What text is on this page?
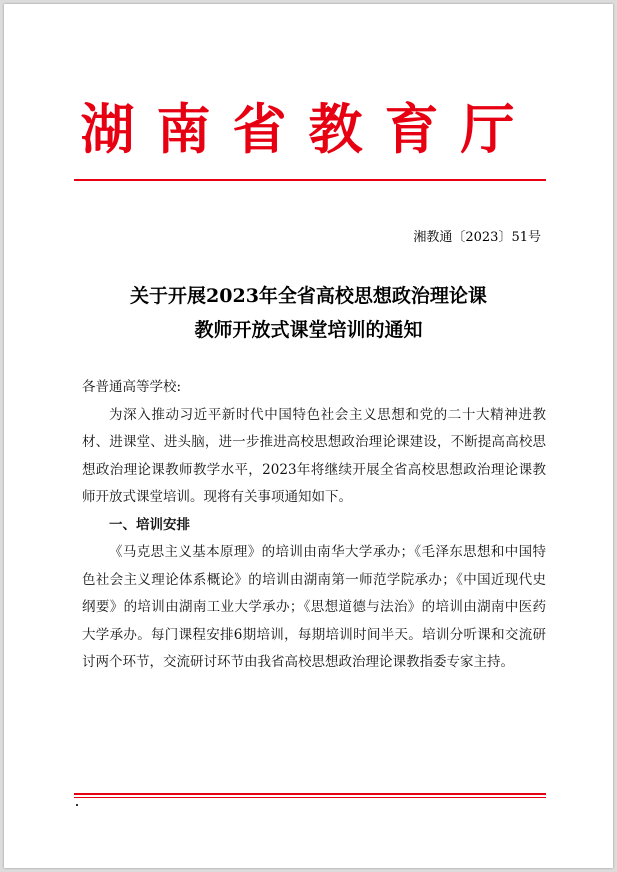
湖南省教育厅
湘教通〔2023〕51号
关于开展2023年全省高校思想政治理论课
教师开放式课堂培训的通知

各普通高等学校:

为深入推动习近平新时代中国特色社会主义思想和党的二十大精神进教材、进课堂、进头脑，进一步推进高校思想政治理论课建设，不断提高高校思想政治理论课教师教学水平，2023年将继续开展全省高校思想政治理论课教师开放式课堂培训。现将有关事项通知如下。

一、培训安排

《马克思主义基本原理》的培训由南华大学承办；《毛泽东思想和中国特色社会主义理论体系概论》的培训由湖南第一师范学院承办；《中国近现代史纲要》的培训由湖南工业大学承办；《思想道德与法治》的培训由湖南中医药大学承办。每门课程安排6期培训，每期培训时间半天。培训分听课和交流研讨两个环节，交流研讨环节由我省高校思想政治理论课教指委专家主持。
